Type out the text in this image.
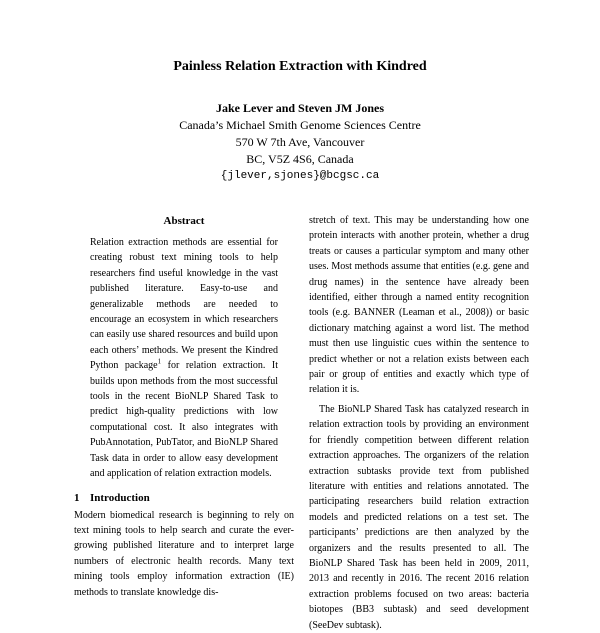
Painless Relation Extraction with Kindred
Jake Lever and Steven JM Jones
Canada’s Michael Smith Genome Sciences Centre
570 W 7th Ave, Vancouver
BC, V5Z 4S6, Canada
{jlever,sjones}@bcgsc.ca
Abstract

Relation extraction methods are essential for creating robust text mining tools to help researchers find useful knowledge in the vast published literature. Easy-to-use and generalizable methods are needed to encourage an ecosystem in which researchers can easily use shared resources and build upon each others’ methods. We present the Kindred Python package$^1$ for relation extraction. It builds upon methods from the most successful tools in the recent BioNLP Shared Task to predict high-quality predictions with low computational cost. It also integrates with PubAnnotation, PubTator, and BioNLP Shared Task data in order to allow easy development and application of relation extraction models.

1 Introduction

Modern biomedical research is beginning to rely on text mining tools to help search and curate the ever-growing published literature and to interpret large numbers of electronic health records. Many text mining tools employ information extraction (IE) methods to translate knowledge dis-

stretch of text. This may be understanding how one protein interacts with another protein, whether a drug treats or causes a particular symptom and many other uses. Most methods assume that entities (e.g. gene and drug names) in the sentence have already been identified, either through a named entity recognition tools (e.g. BANNER (Leaman et al., 2008)) or basic dictionary matching against a word list. The method must then use linguistic cues within the sentence to predict whether or not a relation exists between each pair or group of entities and exactly which type of relation it is.

The BioNLP Shared Task has catalyzed research in relation extraction tools by providing an environment for friendly competition between different relation extraction approaches. The organizers of the relation extraction subtasks provide text from published literature with entities and relations annotated. The participating researchers build relation extraction models and predicted relations on a test set. The participants’ predictions are then analyzed by the organizers and the results presented to all. The BioNLP Shared Task has been held in 2009, 2011, 2013 and recently in 2016. The recent 2016 relation extraction problems focused on two areas: bacteria biotopes (BB3 subtask) and seed development (SeeDev subtask).
